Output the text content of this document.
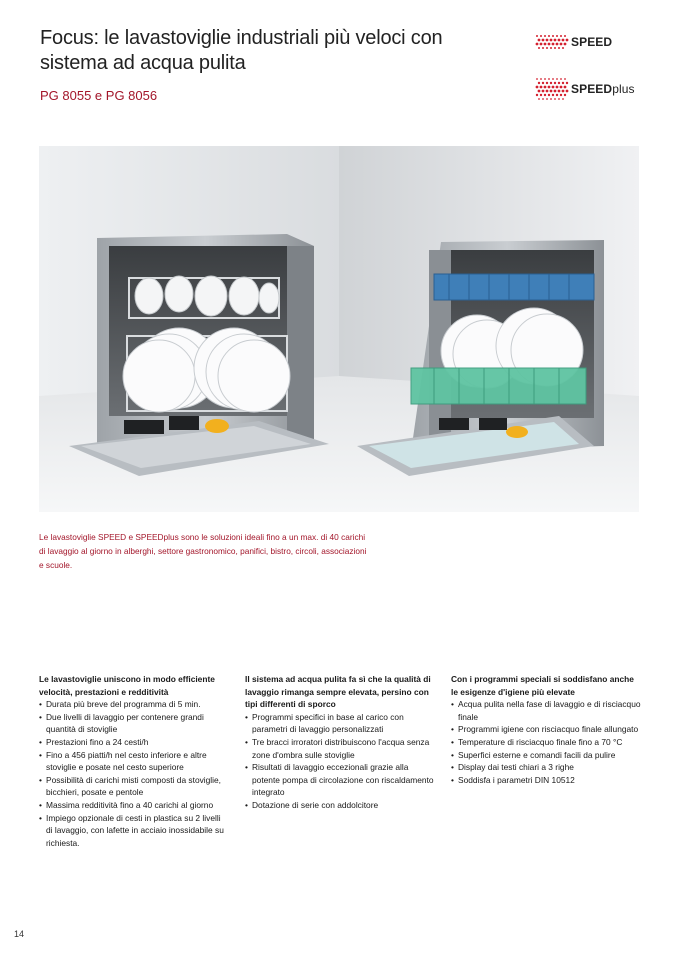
Focus: le lavastoviglie industriali più veloci con sistema ad acqua pulita
PG 8055 e PG 8056
SPEED
SPEEDplus
Le lavastoviglie SPEED e SPEEDplus sono le soluzioni ideali fino a un max. di 40 carichi di lavaggio al giorno in alberghi, settore gastronomico, panifici, bistro, circoli, associazioni e scuole.
Le lavastoviglie uniscono in modo efficiente velocità, prestazioni e redditività
• Durata più breve del programma di 5 min.
• Due livelli di lavaggio per contenere grandi quantità di stoviglie
• Prestazioni fino a 24 cesti/h
• Fino a 456 piatti/h nel cesto inferiore e altre stoviglie e posate nel cesto superiore
• Possibilità di carichi misti composti da stoviglie, bicchieri, posate e pentole
• Massima redditività fino a 40 carichi al giorno
• Impiego opzionale di cesti in plastica su 2 livelli di lavaggio, con lafette in acciaio inossidabile su richiesta.
Il sistema ad acqua pulita fa sì che la qualità di lavaggio rimanga sempre elevata, persino con tipi differenti di sporco
• Programmi specifici in base al carico con parametri di lavaggio personalizzati
• Tre bracci irroratori distribuiscono l'acqua senza zone d'ombra sulle stoviglie
• Risultati di lavaggio eccezionali grazie alla potente pompa di circolazione con riscaldamento integrato
• Dotazione di serie con addolcitore
Con i programmi speciali si soddisfano anche le esigenze d'igiene più elevate
• Acqua pulita nella fase di lavaggio e di risciacquo finale
• Programmi igiene con risciacquo finale allungato
• Temperature di risciacquo finale fino a 70 °C
• Superfici esterne e comandi facili da pulire
• Display dai testi chiari a 3 righe
• Soddisfa i parametri DIN 10512
14
